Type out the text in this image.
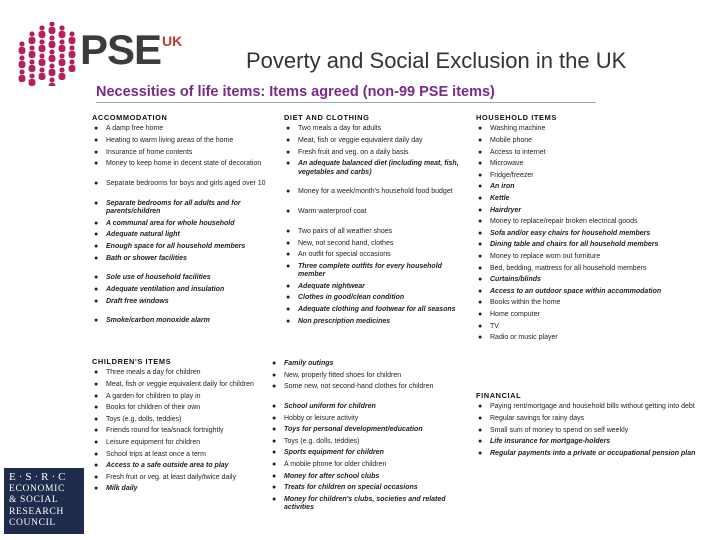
PSE UK
Poverty and Social Exclusion in the UK
Necessities of life items: Items agreed (non-99 PSE items)
ACCOMMODATION
● A damp free home
● Heating to warm living areas of the home
● Insurance of home contents
● Money to keep home in decent state of decoration
● Separate bedrooms for boys and girls aged over 10
● Separate bedrooms for all adults and for parents/children
● A communal area for whole household
● Adequate natural light
● Enough space for all household members
● Bath or shower facilities
● Sole use of household facilities
● Adequate ventilation and insulation
● Draft free windows
● Smoke/carbon monoxide alarm
DIET AND CLOTHING
● Two meals a day for adults
● Meat, fish or veggie equivalent daily day
● Fresh fruit and veg. on a daily basis
● An adequate balanced diet (including meat, fish, vegetables and carbs)
● Money for a week/month's household food budget
● Warm waterproof coat
● Two pairs of all weather shoes
● New, not second hand, clothes
● An outfit for special occasions
● Three complete outfits for every household member
● Adequate nightwear
● Clothes in good/clean condition
● Adequate clothing and footwear for all seasons
● Non prescription medicines
HOUSEHOLD ITEMS
● Washing machine
● Mobile phone
● Access to internet
● Microwave
● Fridge/freezer
● An iron
● Kettle
● Hairdryer
● Money to replace/repair broken electrical goods
● Sofa and/or easy chairs for household members
● Dining table and chairs for all household members
● Money to replace worn out furniture
● Bed, bedding, mattress for all household members
● Curtains/blinds
● Access to an outdoor space within accommodation
● Books within the home
● Home computer
● TV
● Radio or music player
CHILDREN'S ITEMS
● Three meals a day for children
● Meat, fish or veggie equivalent daily for children
● A garden for children to play in
● Books for children of their own
● Toys (e.g. dolls, teddies)
● Friends round for tea/snack fortnightly
● Leisure equipment for children
● School trips at least once a term
● Access to a safe outside area to play
● Fresh fruit or veg. at least daily/twice daily
● Milk daily
● Family outings
● New, properly fitted shoes for children
● Some new, not second-hand clothes for children
● School uniform for children
● Hobby or leisure activity
● Toys for personal development/education
● Toys (e.g. dolls, teddies)
● Sports equipment for children
● A mobile phone for older children
● Money for after school clubs
● Treats for children on special occasions
● Money for children's clubs, societies and related activities
FINANCIAL
● Paying rent/mortgage and household bills without getting into debt
● Regular savings for rainy days
● Small sum of money to spend on self weekly
● Life insurance for mortgage-holders
● Regular payments into a private or occupational pension plan
E·S·R·C
ECONOMIC
& SOCIAL
RESEARCH
COUNCIL
